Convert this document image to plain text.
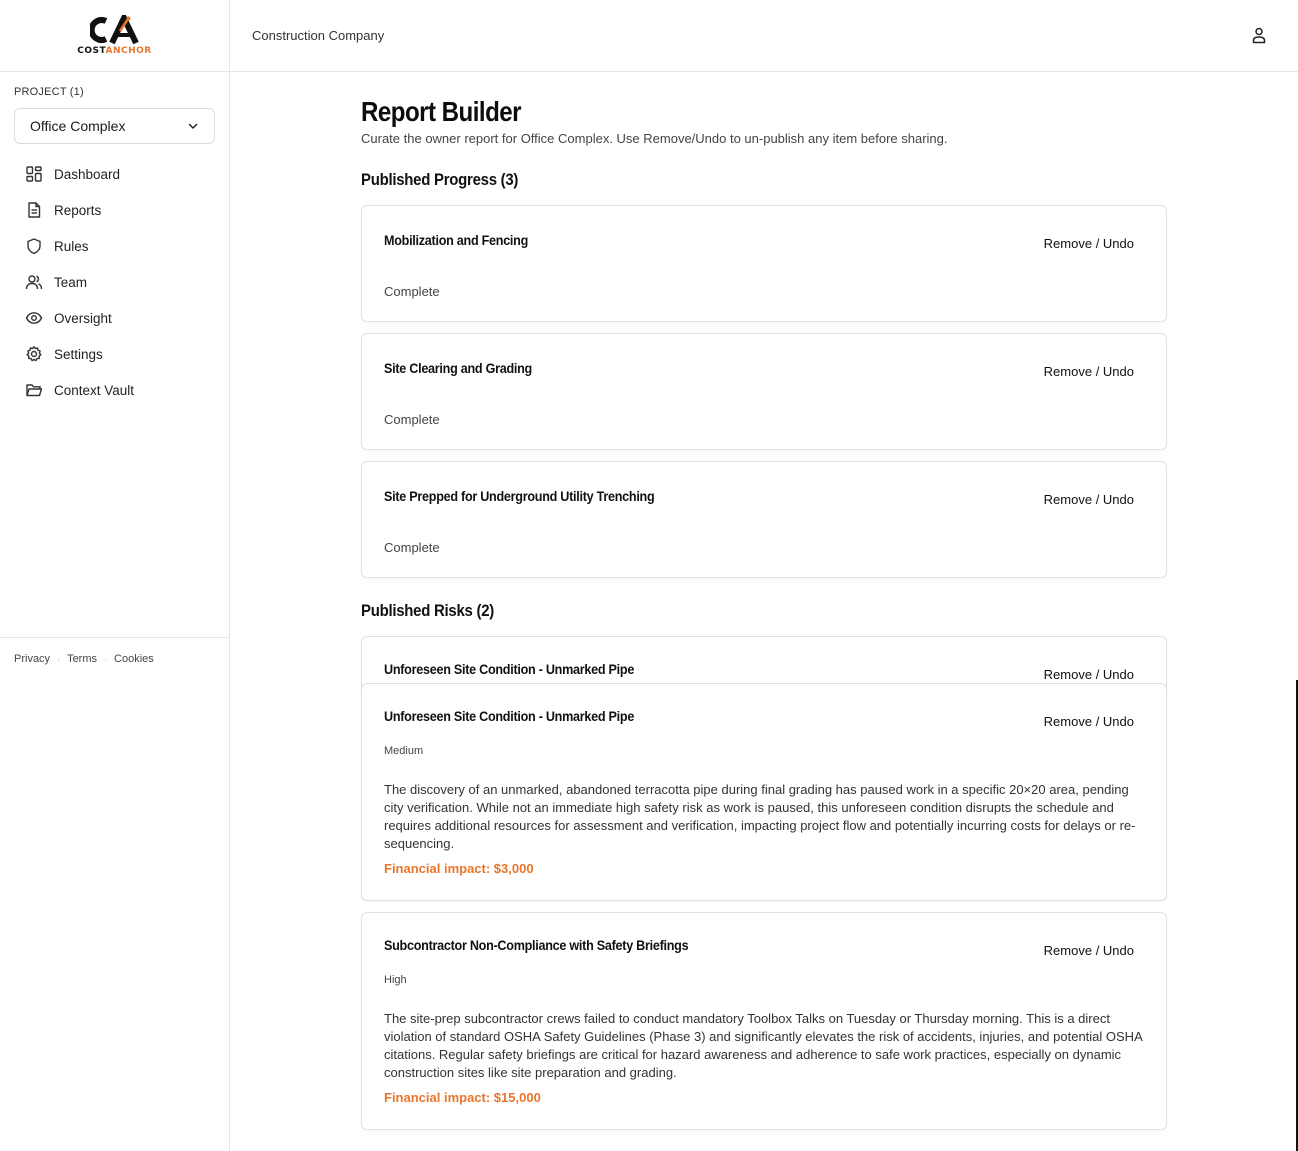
COSTANCHOR
PROJECT (1)
Office Complex
Dashboard
Reports
Rules
Team
Oversight
Settings
Context Vault
Privacy · Terms · Cookies
Construction Company
Report Builder

Curate the owner report for Office Complex. Use Remove/Undo to un-publish any item before sharing.

Published Progress (3)
Mobilization and Fencing	Remove / Undo
Complete
Site Clearing and Grading	Remove / Undo
Complete
Site Prepped for Underground Utility Trenching	Remove / Undo
Complete
Published Risks (2)
Unforeseen Site Condition - Unmarked Pipe	Remove / Undo
Unforeseen Site Condition - Unmarked Pipe	Remove / Undo
Medium
The discovery of an unmarked, abandoned terracotta pipe during final grading has paused work in a specific 20×20 area, pending city verification. While not an immediate high safety risk as work is paused, this unforeseen condition disrupts the schedule and requires additional resources for assessment and verification, impacting project flow and potentially incurring costs for delays or re-sequencing.
Financial impact: $3,000
Subcontractor Non-Compliance with Safety Briefings	Remove / Undo
High
The site-prep subcontractor crews failed to conduct mandatory Toolbox Talks on Tuesday or Thursday morning. This is a direct violation of standard OSHA Safety Guidelines (Phase 3) and significantly elevates the risk of accidents, injuries, and potential OSHA citations. Regular safety briefings are critical for hazard awareness and adherence to safe work practices, especially on dynamic construction sites like site preparation and grading.
Financial impact: $15,000
